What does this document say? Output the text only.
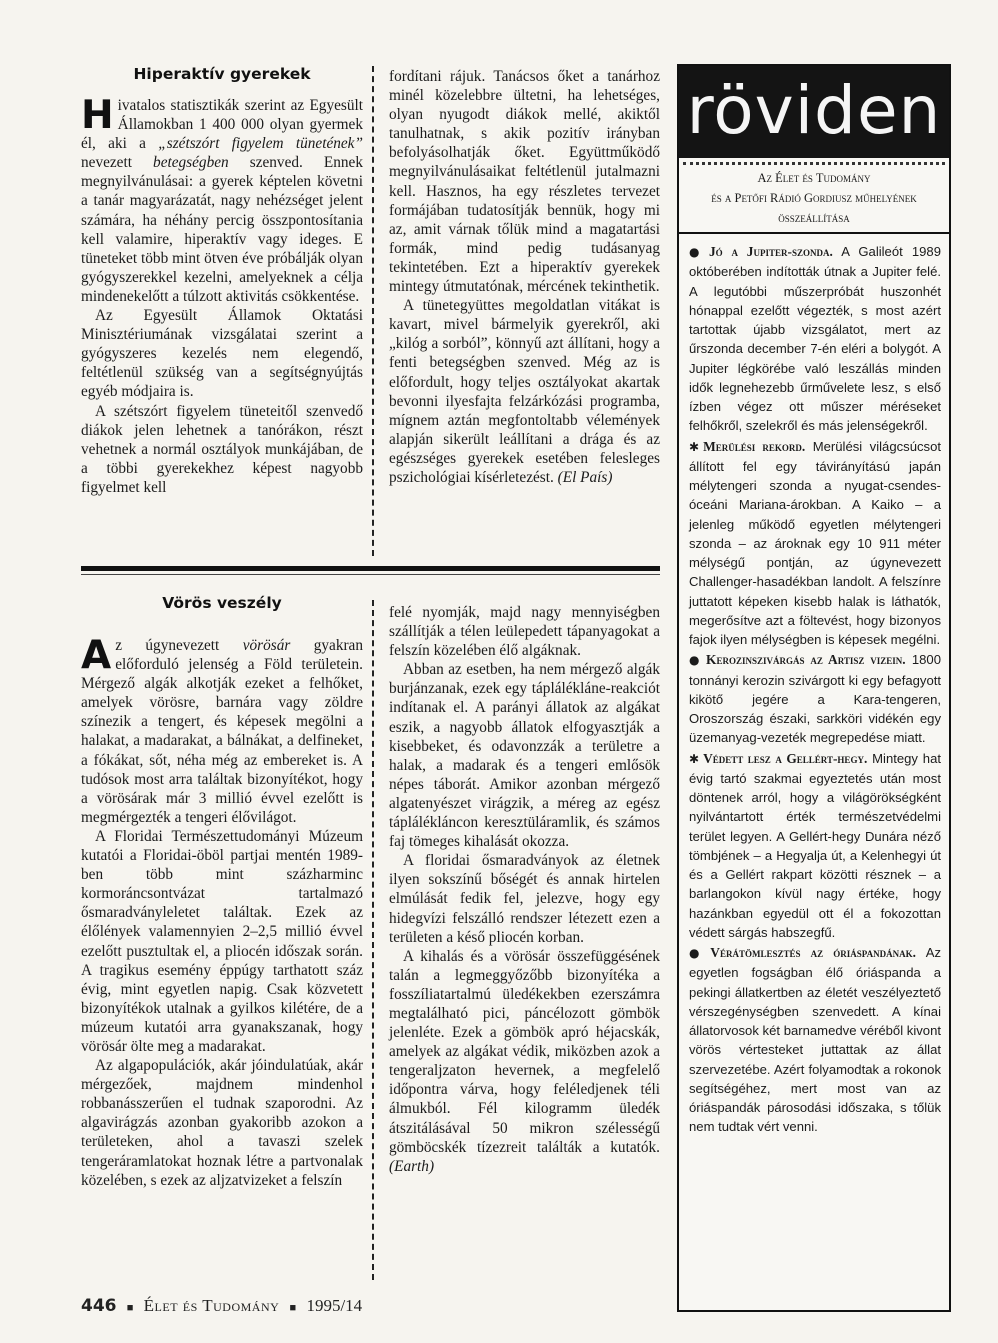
Hiperaktív gyerekek

Hivatalos statisztikák szerint az Egyesült Államokban 1 400 000 olyan gyermek él, aki a „szétszórt figyelem tünetének” nevezett betegségben szenved. Ennek megnyilvánulásai: a gyerek képtelen követni a tanár magyarázatát, nagy nehézséget jelent számára, ha néhány percig összpontosítania kell valamire, hiperaktív vagy ideges. E tüneteket több mint ötven éve próbálják olyan gyógyszerekkel kezelni, amelyeknek a célja mindenekelőtt a túlzott aktivitás csökkentése.

Az Egyesült Államok Oktatási Minisztériumának vizsgálatai szerint a gyógyszeres kezelés nem elegendő, feltétlenül szükség van a segítségnyújtás egyéb módjaira is.

A szétszórt figyelem tüneteitől szenvedő diákok jelen lehetnek a tanórákon, részt vehetnek a normál osztályok munkájában, de a többi gyerekekhez képest nagyobb figyelmet kell

fordítani rájuk. Tanácsos őket a tanárhoz minél közelebbre ültetni, ha lehetséges, olyan nyugodt diákok mellé, akiktől tanulhatnak, s akik pozitív irányban befolyásolhatják őket. Együttműködő megnyilvánulásaikat feltétlenül jutalmazni kell. Hasznos, ha egy részletes tervezet formájában tudatosítják bennük, hogy mi az, amit várnak tőlük mind a magatartási formák, mind pedig tudásanyag tekintetében. Ezt a hiperaktív gyerekek mintegy útmutatónak, mércének tekinthetik.

A tünetegyüttes megoldatlan vitákat is kavart, mivel bármelyik gyerekről, aki „kilóg a sorból”, könnyű azt állítani, hogy a fenti betegségben szenved. Még az is előfordult, hogy teljes osztályokat akartak bevonni ilyesfajta felzárkózási programba, mígnem aztán megfontoltabb vélemények alapján sikerült leállítani a drága és az egészséges gyerekek esetében felesleges pszichológiai kísérletezést. (El País)

Vörös veszély

Az úgynevezett vörösár gyakran előforduló jelenség a Föld területein. Mérgező algák alkotják ezeket a felhőket, amelyek vörösre, barnára vagy zöldre színezik a tengert, és képesek megölni a halakat, a madarakat, a bálnákat, a delfineket, a fókákat, sőt, néha még az embereket is. A tudósok most arra találtak bizonyítékot, hogy a vörösárak már 3 millió évvel ezelőtt is megmérgezték a tengeri élővilágot.

A Floridai Természettudományi Múzeum kutatói a Floridai-öböl partjai mentén 1989-ben több mint százharminc kormoráncsontvázat tartalmazó ősmaradványleletet találtak. Ezek az élőlények valamennyien 2–2,5 millió évvel ezelőtt pusztultak el, a pliocén időszak során. A tragikus esemény éppúgy tarthatott száz évig, mint egyetlen napig. Csak közvetett bizonyítékok utalnak a gyilkos kilétére, de a múzeum kutatói arra gyanakszanak, hogy vörösár ölte meg a madarakat.

Az algapopulációk, akár jóindulatúak, akár mérgezőek, majdnem mindenhol robbanásszerűen el tudnak szaporodni. Az algavirágzás azonban gyakoribb azokon a területeken, ahol a tavaszi szelek tengeráramlatokat hoznak létre a partvonalak közelében, s ezek az aljzatvizeket a felszín

felé nyomják, majd nagy mennyiségben szállítják a télen leülepedett tápanyagokat a felszín közelében élő algáknak.

Abban az esetben, ha nem mérgező algák burjánzanak, ezek egy táplálékláne-reakciót indítanak el. A parányi állatok az algákat eszik, a nagyobb állatok elfogyasztják a kisebbeket, és odavonzzák a területre a halak, a madarak és a tengeri emlősök népes táborát. Amikor azonban mérgező algatenyészet virágzik, a méreg az egész táplálékláncon keresztüláramlik, és számos faj tömeges kihalását okozza.

A floridai ősmaradványok az életnek ilyen sokszínű bőségét és annak hirtelen elmúlását fedik fel, jelezve, hogy egy hidegvízi felszálló rendszer létezett ezen a területen a késő pliocén korban.

A kihalás és a vörösár összefüggésének talán a legmeggyőzőbb bizonyítéka a fosszíliatartalmú üledékekben ezerszámra megtalálható pici, páncélozott gömbök jelenléte. Ezek a gömbök apró héjacskák, amelyek az algákat védik, miközben azok a tengeraljzaton hevernek, a megfelelő időpontra várva, hogy feléledjenek téli álmukból. Fél kilogramm üledék átszitálásával 50 mikron szélességű gömböcskék tízezreit találták a kutatók. (Earth)

röviden
Az Élet és Tudomány
és a Petőfi Rádió Gordiusz műhelyének
összeállítása

● Jó a Jupiter-szonda. A Galileót 1989 októberében indították útnak a Jupiter felé. A legutóbbi műszerpróbát huszonhét hónappal ezelőtt végezték, s most azért tartottak újabb vizsgálatot, mert az űrszonda december 7-én eléri a bolygót. A Jupiter légkörébe való leszállás minden idők legnehezebb űrművelete lesz, s első ízben végez ott műszer méréseket felhőkről, szelekről és más jelenségekről.

✱ Merülési rekord. Merülési világcsúcsot állított fel egy távirányítású japán mélytengeri szonda a nyugat-csendes-óceáni Mariana-árokban. A Kaiko – a jelenleg működő egyetlen mélytengeri szonda – az ároknak egy 10 911 méter mélységű pontján, az úgynevezett Challenger-hasadékban landolt. A felszínre juttatott képeken kisebb halak is láthatók, megerősítve azt a föltevést, hogy bizonyos fajok ilyen mélységben is képesek megélni.

● Kerozinszivárgás az Artisz vizein. 1800 tonnányi kerozin szivárgott ki egy befagyott kikötő jegére a Kara-tengeren, Oroszország északi, sarkköri vidékén egy üzemanyag-vezeték megrepedése miatt.

✱ Védett lesz a Gellért-hegy. Mintegy hat évig tartó szakmai egyeztetés után most döntenek arról, hogy a világörökségként nyilvántartott érték természetvédelmi terület legyen. A Gellért-hegy Dunára néző tömbjének – a Hegyalja út, a Kelenhegyi út és a Gellért rakpart közötti résznek – a barlangokon kívül nagy értéke, hogy hazánkban egyedül ott él a fokozottan védett sárgás habszegfű.

● Vérátömlesztés az óriáspandának. Az egyetlen fogságban élő óriáspanda a pekingi állatkertben az életét veszélyeztető vérszegénységben szenvedett. A kínai állatorvosok két barnamedve véréből kivont vörös vértesteket juttattak az állat szervezetébe. Azért folyamodtak a rokonok segítségéhez, mert most van az óriáspandák párosodási időszaka, s tőlük nem tudtak vért venni.

446 ■ Élet és Tudomány ■ 1995/14
